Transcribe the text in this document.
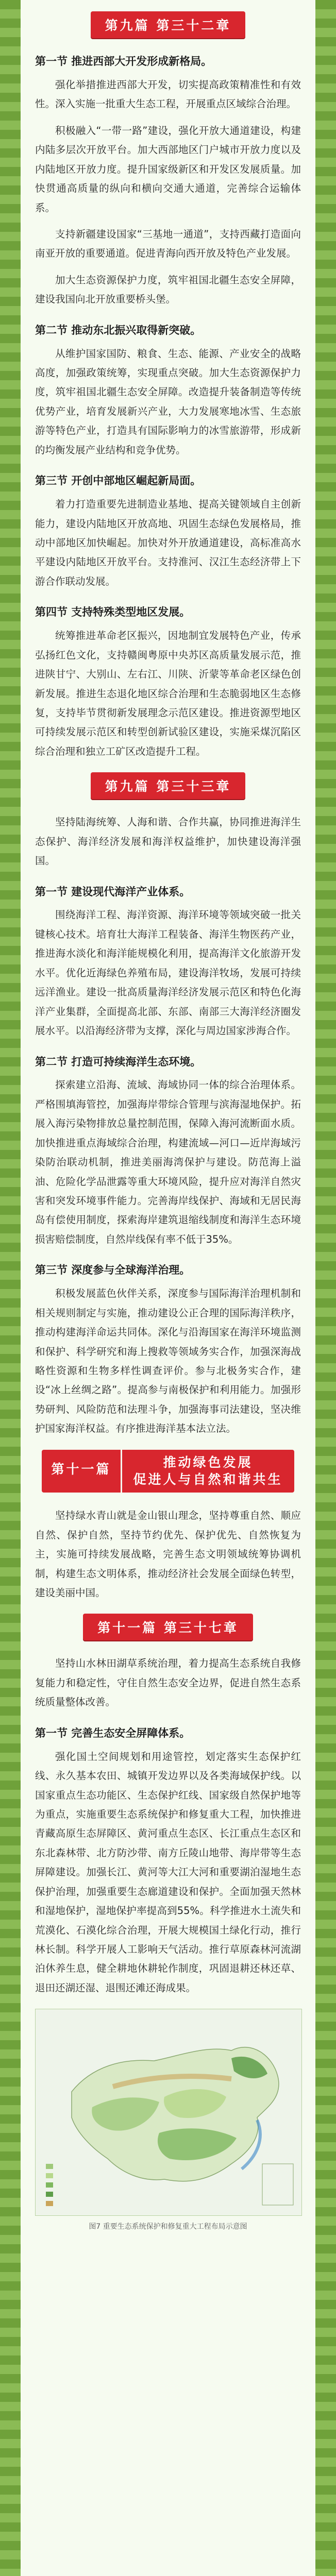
第九篇 第三十二章
第一节 推进西部大开发形成新格局。

强化举措推进西部大开发，切实提高政策精准性和有效性。深入实施一批重大生态工程，开展重点区域综合治理。

积极融入“一带一路”建设，强化开放大通道建设，构建内陆多层次开放平台。加大西部地区门户城市开放力度以及内陆地区开放力度。提升国家级新区和开发区发展质量。加快贯通高质量的纵向和横向交通大通道，完善综合运输体系。

支持新疆建设国家“三基地一通道”，支持西藏打造面向南亚开放的重要通道。促进青海向西开放及特色产业发展。

加大生态资源保护力度，筑牢祖国北疆生态安全屏障，建设我国向北开放重要桥头堡。

第二节 推动东北振兴取得新突破。

从维护国家国防、粮食、生态、能源、产业安全的战略高度，加强政策统筹，实现重点突破。加大生态资源保护力度，筑牢祖国北疆生态安全屏障。改造提升装备制造等传统优势产业，培育发展新兴产业，大力发展寒地冰雪、生态旅游等特色产业，打造具有国际影响力的冰雪旅游带，形成新的均衡发展产业结构和竞争优势。

第三节 开创中部地区崛起新局面。

着力打造重要先进制造业基地、提高关键领域自主创新能力，建设内陆地区开放高地、巩固生态绿色发展格局，推动中部地区加快崛起。加快对外开放通道建设，高标准高水平建设内陆地区开放平台。支持淮河、汉江生态经济带上下游合作联动发展。

第四节 支持特殊类型地区发展。

统筹推进革命老区振兴，因地制宜发展特色产业，传承弘扬红色文化，支持赣闽粤原中央苏区高质量发展示范，推进陕甘宁、大别山、左右江、川陕、沂蒙等革命老区绿色创新发展。推进生态退化地区综合治理和生态脆弱地区生态修复，支持毕节贯彻新发展理念示范区建设。推进资源型地区可持续发展示范区和转型创新试验区建设，实施采煤沉陷区综合治理和独立工矿区改造提升工程。

第九篇 第三十三章

坚持陆海统筹、人海和谐、合作共赢，协同推进海洋生态保护、海洋经济发展和海洋权益维护，加快建设海洋强国。

第一节 建设现代海洋产业体系。

围绕海洋工程、海洋资源、海洋环境等领域突破一批关键核心技术。培育壮大海洋工程装备、海洋生物医药产业，推进海水淡化和海洋能规模化利用，提高海洋文化旅游开发水平。优化近海绿色养殖布局，建设海洋牧场，发展可持续远洋渔业。建设一批高质量海洋经济发展示范区和特色化海洋产业集群，全面提高北部、东部、南部三大海洋经济圈发展水平。以沿海经济带为支撑，深化与周边国家涉海合作。

第二节 打造可持续海洋生态环境。

探索建立沿海、流域、海域协同一体的综合治理体系。严格围填海管控，加强海岸带综合管理与滨海湿地保护。拓展入海污染物排放总量控制范围，保障入海河流断面水质。加快推进重点海域综合治理，构建流域—河口—近岸海域污染防治联动机制，推进美丽海湾保护与建设。防范海上溢油、危险化学品泄露等重大环境风险，提升应对海洋自然灾害和突发环境事件能力。完善海岸线保护、海域和无居民海岛有偿使用制度，探索海岸建筑退缩线制度和海洋生态环境损害赔偿制度，自然岸线保有率不低于35%。

第三节 深度参与全球海洋治理。

积极发展蓝色伙伴关系，深度参与国际海洋治理机制和相关规则制定与实施，推动建设公正合理的国际海洋秩序，推动构建海洋命运共同体。深化与沿海国家在海洋环境监测和保护、科学研究和海上搜救等领域务实合作，加强深海战略性资源和生物多样性调查评价。参与北极务实合作，建设“冰上丝绸之路”。提高参与南极保护和利用能力。加强形势研判、风险防范和法理斗争，加强海事司法建设，坚决维护国家海洋权益。有序推进海洋基本法立法。

第十一篇	推动绿色发展
促进人与自然和谐共生

坚持绿水青山就是金山银山理念，坚持尊重自然、顺应自然、保护自然，坚持节约优先、保护优先、自然恢复为主，实施可持续发展战略，完善生态文明领域统筹协调机制，构建生态文明体系，推动经济社会发展全面绿色转型，建设美丽中国。

第十一篇 第三十七章

坚持山水林田湖草系统治理，着力提高生态系统自我修复能力和稳定性，守住自然生态安全边界，促进自然生态系统质量整体改善。

第一节 完善生态安全屏障体系。

强化国土空间规划和用途管控，划定落实生态保护红线、永久基本农田、城镇开发边界以及各类海域保护线。以国家重点生态功能区、生态保护红线、国家级自然保护地等为重点，实施重要生态系统保护和修复重大工程，加快推进青藏高原生态屏障区、黄河重点生态区、长江重点生态区和东北森林带、北方防沙带、南方丘陵山地带、海岸带等生态屏障建设。加强长江、黄河等大江大河和重要湖泊湿地生态保护治理，加强重要生态廊道建设和保护。全面加强天然林和湿地保护，湿地保护率提高到55%。科学推进水土流失和荒漠化、石漠化综合治理，开展大规模国土绿化行动，推行林长制。科学开展人工影响天气活动。推行草原森林河流湖泊休养生息，健全耕地休耕轮作制度，巩固退耕还林还草、退田还湖还湿、退围还滩还海成果。

图7 重要生态系统保护和修复重大工程布局示意图
